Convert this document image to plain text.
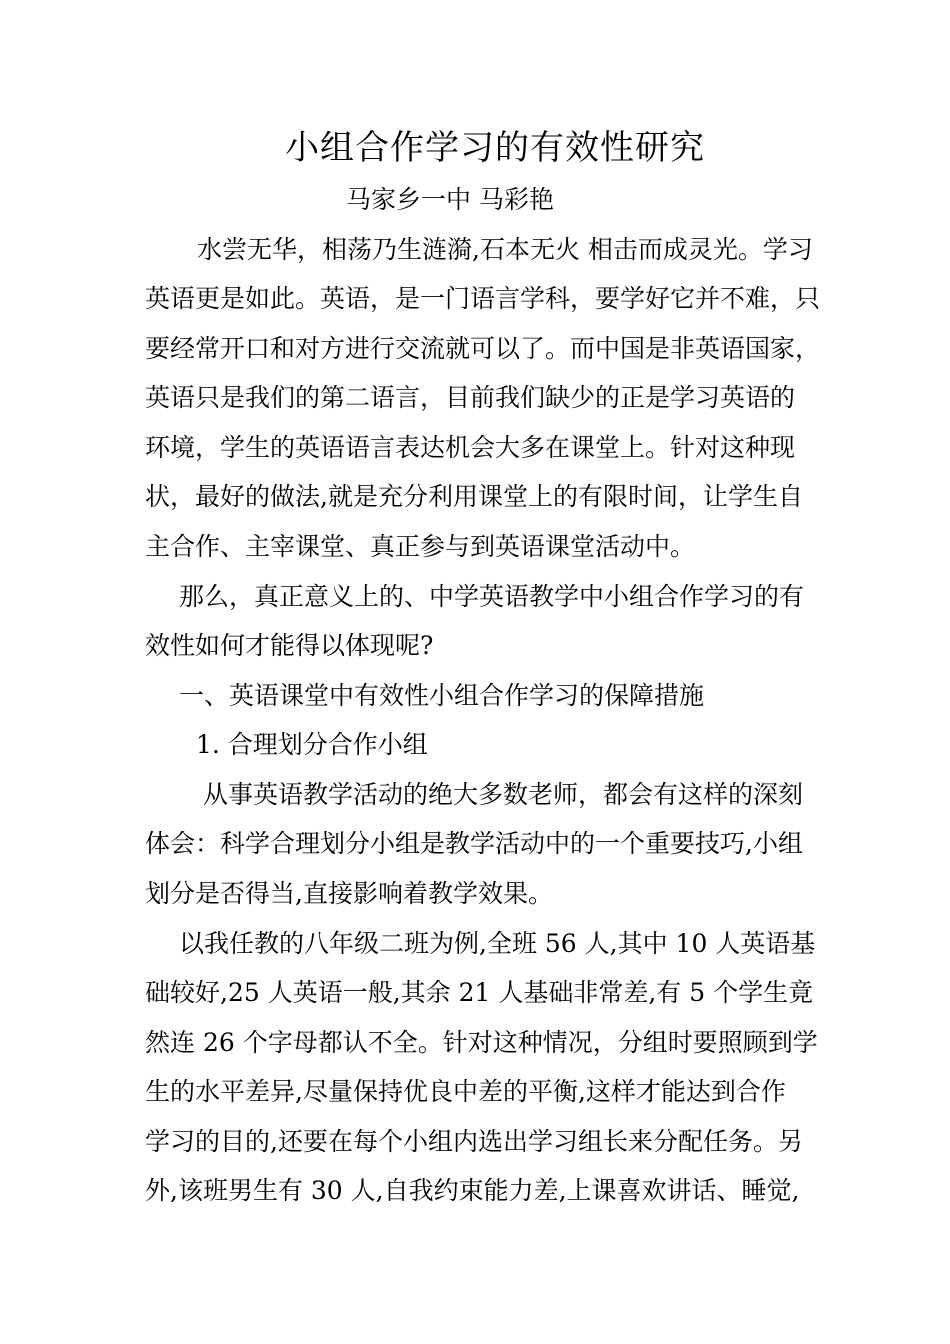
小组合作学习的有效性研究
马家乡一中 马彩艳
水尝无华，相荡乃生涟漪,石本无火 相击而成灵光。学习
英语更是如此。英语，是一门语言学科，要学好它并不难，只
要经常开口和对方进行交流就可以了。而中国是非英语国家，
英语只是我们的第二语言，目前我们缺少的正是学习英语的
环境，学生的英语语言表达机会大多在课堂上。针对这种现
状，最好的做法,就是充分利用课堂上的有限时间，让学生自
主合作、主宰课堂、真正参与到英语课堂活动中。
那么，真正意义上的、中学英语教学中小组合作学习的有
效性如何才能得以体现呢?
一、英语课堂中有效性小组合作学习的保障措施
1. 合理划分合作小组
从事英语教学活动的绝大多数老师，都会有这样的深刻
体会：科学合理划分小组是教学活动中的一个重要技巧,小组
划分是否得当,直接影响着教学效果。
以我任教的八年级二班为例,全班 56 人,其中 10 人英语基
础较好,25 人英语一般,其余 21 人基础非常差,有 5 个学生竟
然连 26 个字母都认不全。针对这种情况，分组时要照顾到学
生的水平差异,尽量保持优良中差的平衡,这样才能达到合作
学习的目的,还要在每个小组内选出学习组长来分配任务。另
外,该班男生有 30 人,自我约束能力差,上课喜欢讲话、睡觉,
